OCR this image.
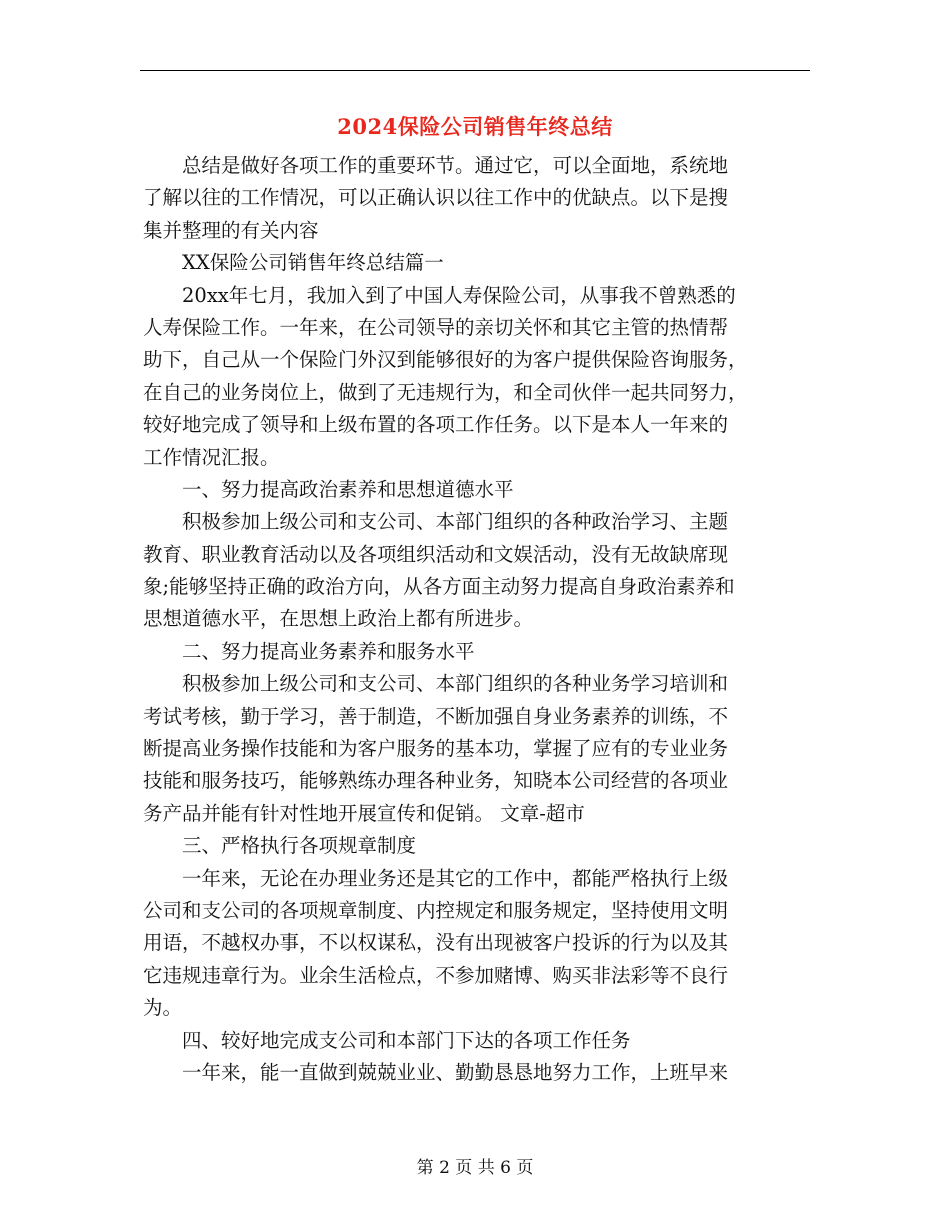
2024保险公司销售年终总结
总结是做好各项工作的重要环节。通过它，可以全面地，系统地
了解以往的工作情况，可以正确认识以往工作中的优缺点。以下是搜
集并整理的有关内容
XX保险公司销售年终总结篇一
20xx年七月，我加入到了中国人寿保险公司，从事我不曾熟悉的
人寿保险工作。一年来，在公司领导的亲切关怀和其它主管的热情帮
助下，自己从一个保险门外汉到能够很好的为客户提供保险咨询服务，
在自己的业务岗位上，做到了无违规行为，和全司伙伴一起共同努力，
较好地完成了领导和上级布置的各项工作任务。以下是本人一年来的
工作情况汇报。
一、努力提高政治素养和思想道德水平
积极参加上级公司和支公司、本部门组织的各种政治学习、主题
教育、职业教育活动以及各项组织活动和文娱活动，没有无故缺席现
象;能够坚持正确的政治方向，从各方面主动努力提高自身政治素养和
思想道德水平，在思想上政治上都有所进步。
二、努力提高业务素养和服务水平
积极参加上级公司和支公司、本部门组织的各种业务学习培训和
考试考核，勤于学习，善于制造，不断加强自身业务素养的训练，不
断提高业务操作技能和为客户服务的基本功，掌握了应有的专业业务
技能和服务技巧，能够熟练办理各种业务，知晓本公司经营的各项业
务产品并能有针对性地开展宣传和促销。 文章-超市
三、严格执行各项规章制度
一年来，无论在办理业务还是其它的工作中，都能严格执行上级
公司和支公司的各项规章制度、内控规定和服务规定，坚持使用文明
用语，不越权办事，不以权谋私，没有出现被客户投诉的行为以及其
它违规违章行为。业余生活检点，不参加赌博、购买非法彩等不良行
为。
四、较好地完成支公司和本部门下达的各项工作任务
一年来，能一直做到兢兢业业、勤勤恳恳地努力工作，上班早来
第 2 页 共 6 页
